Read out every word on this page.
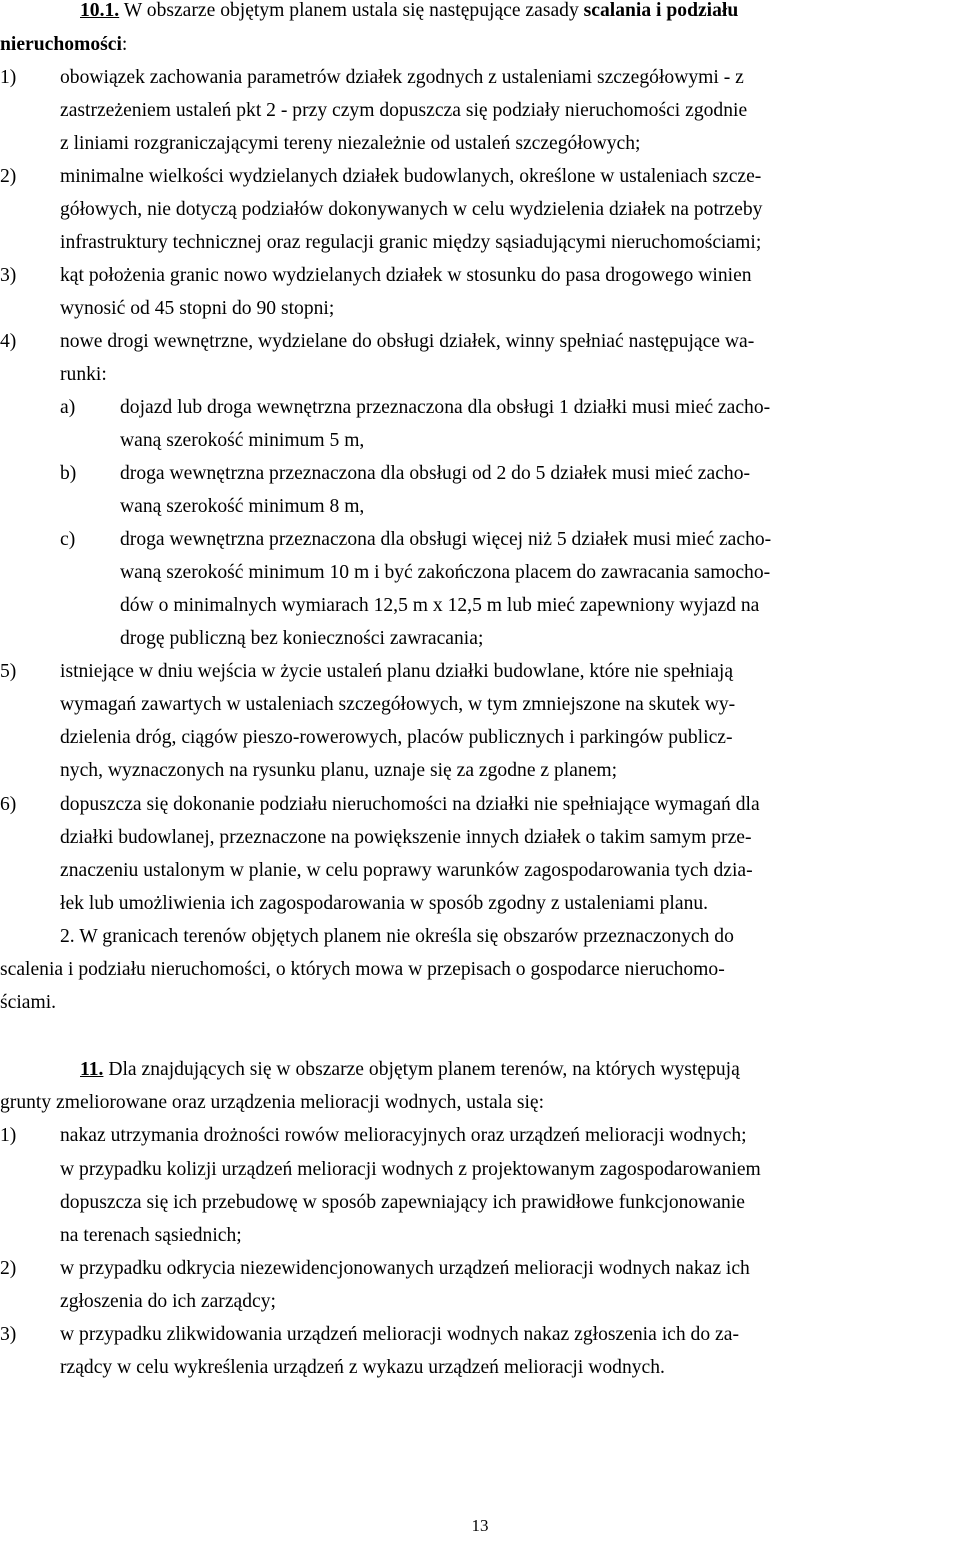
10.1. W obszarze objętym planem ustala się następujące zasady scalania i podziału
nieruchomości:
1) obowiązek zachowania parametrów działek zgodnych z ustaleniami szczegółowymi - z
zastrzeżeniem ustaleń pkt 2 - przy czym dopuszcza się podziały nieruchomości zgodnie
z liniami rozgraniczającymi tereny niezależnie od ustaleń szczegółowych;
2) minimalne wielkości wydzielanych działek budowlanych, określone w ustaleniach szcze-
gółowych, nie dotyczą podziałów dokonywanych w celu wydzielenia działek na potrzeby
infrastruktury technicznej oraz regulacji granic między sąsiadującymi nieruchomościami;
3) kąt położenia granic nowo wydzielanych działek w stosunku do pasa drogowego winien
wynosić od 45 stopni do 90 stopni;
4) nowe drogi wewnętrzne, wydzielane do obsługi działek, winny spełniać następujące wa-
runki:
a) dojazd lub droga wewnętrzna przeznaczona dla obsługi 1 działki musi mieć zacho-
waną szerokość minimum 5 m,
b) droga wewnętrzna przeznaczona dla obsługi od 2 do 5 działek musi mieć zacho-
waną szerokość minimum 8 m,
c) droga wewnętrzna przeznaczona dla obsługi więcej niż 5 działek musi mieć zacho-
waną szerokość minimum 10 m i być zakończona placem do zawracania samocho-
dów o minimalnych wymiarach 12,5 m x 12,5 m lub mieć zapewniony wyjazd na
drogę publiczną bez konieczności zawracania;
5) istniejące w dniu wejścia w życie ustaleń planu działki budowlane, które nie spełniają
wymagań zawartych w ustaleniach szczegółowych, w tym zmniejszone na skutek wy-
dzielenia dróg, ciągów pieszo-rowerowych, placów publicznych i parkingów publicz-
nych, wyznaczonych na rysunku planu, uznaje się za zgodne z planem;
6) dopuszcza się dokonanie podziału nieruchomości na działki nie spełniające wymagań dla
działki budowlanej, przeznaczone na powiększenie innych działek o takim samym prze-
znaczeniu ustalonym w planie, w celu poprawy warunków zagospodarowania tych dzia-
łek lub umożliwienia ich zagospodarowania w sposób zgodny z ustaleniami planu.
2. W granicach terenów objętych planem nie określa się obszarów przeznaczonych do
scalenia i podziału nieruchomości, o których mowa w przepisach o gospodarce nieruchomo-
ściami.
11. Dla znajdujących się w obszarze objętym planem terenów, na których występują
grunty zmeliorowane oraz urządzenia melioracji wodnych, ustala się:
1) nakaz utrzymania drożności rowów melioracyjnych oraz urządzeń melioracji wodnych;
w przypadku kolizji urządzeń melioracji wodnych z projektowanym zagospodarowaniem
dopuszcza się ich przebudowę w sposób zapewniający ich prawidłowe funkcjonowanie
na terenach sąsiednich;
2) w przypadku odkrycia niezewidencjonowanych urządzeń melioracji wodnych nakaz ich
zgłoszenia do ich zarządcy;
3) w przypadku zlikwidowania urządzeń melioracji wodnych nakaz zgłoszenia ich do za-
rządcy w celu wykreślenia urządzeń z wykazu urządzeń melioracji wodnych.
13
